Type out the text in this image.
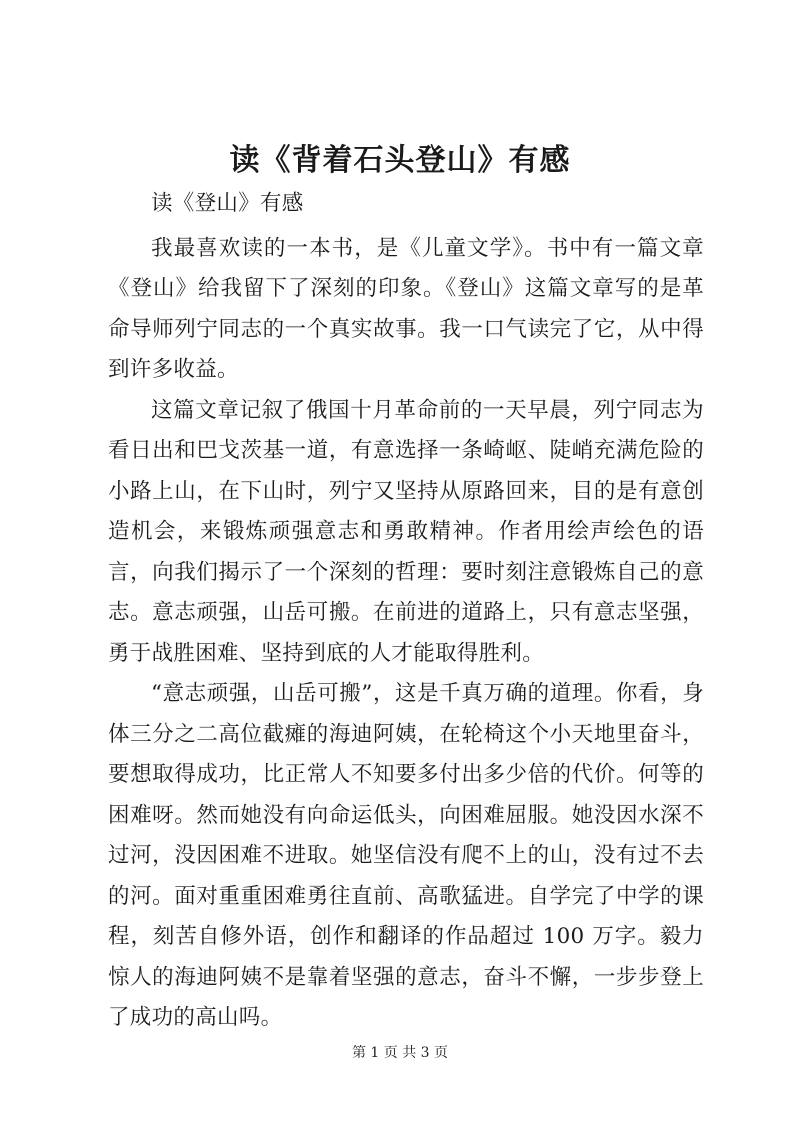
读《背着石头登山》有感

读《登山》有感

我最喜欢读的一本书，是《儿童文学》。书中有一篇文章《登山》给我留下了深刻的印象。《登山》这篇文章写的是革命导师列宁同志的一个真实故事。我一口气读完了它，从中得到许多收益。

这篇文章记叙了俄国十月革命前的一天早晨，列宁同志为看日出和巴戈茨基一道，有意选择一条崎岖、陡峭充满危险的小路上山，在下山时，列宁又坚持从原路回来，目的是有意创造机会，来锻炼顽强意志和勇敢精神。作者用绘声绘色的语言，向我们揭示了一个深刻的哲理：要时刻注意锻炼自己的意志。意志顽强，山岳可搬。在前进的道路上，只有意志坚强，勇于战胜困难、坚持到底的人才能取得胜利。

“意志顽强，山岳可搬”，这是千真万确的道理。你看，身体三分之二高位截瘫的海迪阿姨，在轮椅这个小天地里奋斗，要想取得成功，比正常人不知要多付出多少倍的代价。何等的困难呀。然而她没有向命运低头，向困难屈服。她没因水深不过河，没因困难不进取。她坚信没有爬不上的山，没有过不去的河。面对重重困难勇往直前、高歌猛进。自学完了中学的课程，刻苦自修外语，创作和翻译的作品超过 100 万字。毅力惊人的海迪阿姨不是靠着坚强的意志，奋斗不懈，一步步登上了成功的高山吗。

第 1 页 共 3 页
